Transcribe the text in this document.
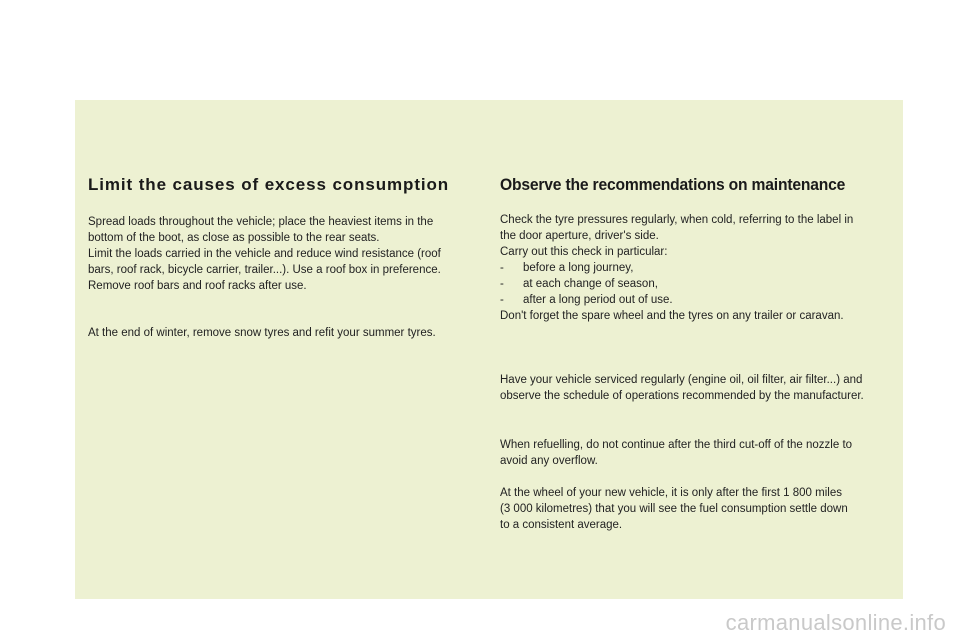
Limit the causes of excess consumption
Spread loads throughout the vehicle; place the heaviest items in the
bottom of the boot, as close as possible to the rear seats.
Limit the loads carried in the vehicle and reduce wind resistance (roof
bars, roof rack, bicycle carrier, trailer...). Use a roof box in preference.
Remove roof bars and roof racks after use.
At the end of winter, remove snow tyres and refit your summer tyres.
Observe the recommendations on maintenance
Check the tyre pressures regularly, when cold, referring to the label in
the door aperture, driver's side.
Carry out this check in particular:
- before a long journey,
- at each change of season,
- after a long period out of use.
Don't forget the spare wheel and the tyres on any trailer or caravan.
Have your vehicle serviced regularly (engine oil, oil filter, air filter...) and
observe the schedule of operations recommended by the manufacturer.
When refuelling, do not continue after the third cut-off of the nozzle to
avoid any overflow.
At the wheel of your new vehicle, it is only after the first 1 800 miles
(3 000 kilometres) that you will see the fuel consumption settle down
to a consistent average.
carmanualsonline.info
